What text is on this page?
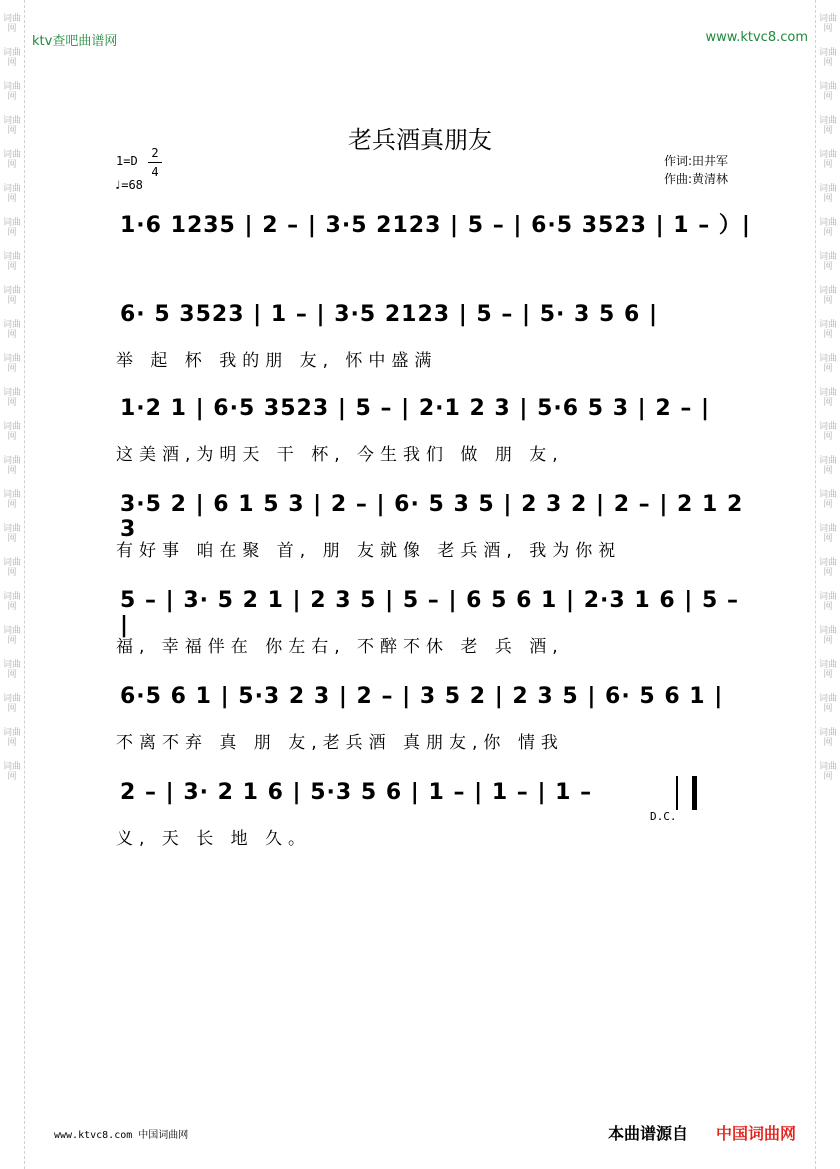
词曲网
词曲网
词曲网
词曲网
词曲网
词曲网
词曲网
词曲网
词曲网
词曲网
词曲网
词曲网
词曲网
词曲网
词曲网
词曲网
词曲网
词曲网
词曲网
词曲网
词曲网
词曲网
词曲网
词曲网
词曲网
词曲网
词曲网
词曲网
词曲网
词曲网
词曲网
词曲网
词曲网
词曲网
词曲网
词曲网
词曲网
词曲网
词曲网
词曲网
词曲网
词曲网
词曲网
词曲网
词曲网
词曲网
ktv查吧曲谱网	www.ktvc8.com
老兵酒真朋友
$1=D \frac{2}{4}$
♩=68
作词:田井军
作曲:黄清林
1·6 1235 | 2 – | 3·5 2123 | 5 – | 6·5 3523 | 1 – ）|
6· 5 3523 | 1 – | 3·5 2123 | 5 – | 5· 3 5 6 |
举 起 杯 我的朋 友, 怀中盛满
1·2 1 | 6·5 3523 | 5 – | 2·1 2 3 | 5·6 5 3 | 2 – |
这美酒,为明天 干 杯, 今生我们 做 朋 友,
3·5 2 | 6 1 5 3 | 2 – | 6· 5 3 5 | 2 3 2 | 2 – | 2 1 2 3
有好事 咱在聚 首, 朋 友就像 老兵酒, 我为你祝
5 – | 3· 5 2 1 | 2 3 5 | 5 – | 6 5 6 1 | 2·3 1 6 | 5 – |
福, 幸福伴在 你左右, 不醉不休 老 兵 酒,
6·5 6 1 | 5·3 2 3 | 2 – | 3 5 2 | 2 3 5 | 6· 5 6 1 |
不离不弃 真 朋 友,老兵酒 真朋友,你 情我
2 – | 3· 2 1 6 | 5·3 5 6 | 1 – | 1 – | 1 –
义, 天 长 地 久。
D.C.
www.ktvc8.com 中国词曲网	本曲谱源自 中国词曲网
